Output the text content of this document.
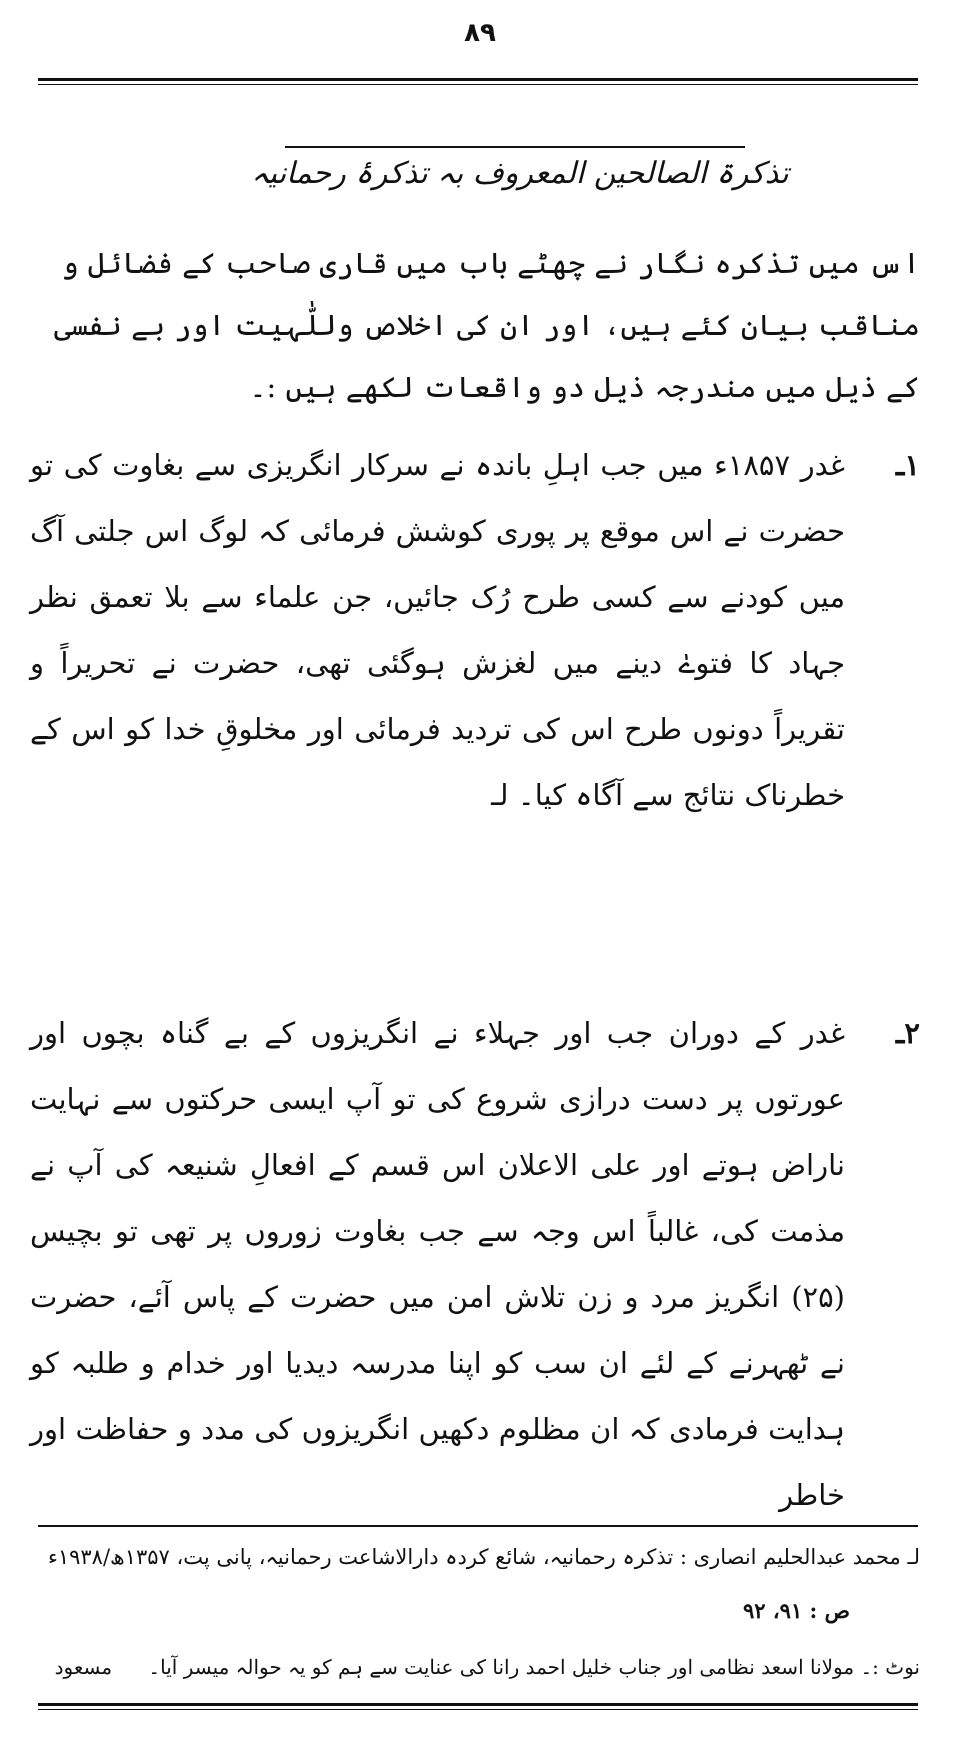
۸۹
تذکرۃ الصالحین المعروف بہ تذکرۂ رحمانیہ
اس میں تذکرہ نگار نے چھٹے باب میں قاری صاحب کے فضائل و مناقب بیان کئے ہیں، اور ان کی اخلاص وللّٰہیت اور بے نفسی کے ذیل میں مندرجہ ذیل دو واقعات لکھے ہیں :۔
۱ـ
غدر ۱۸۵۷ء میں جب اہلِ باندہ نے سرکار انگریزی سے بغاوت کی تو حضرت نے اس موقع پر پوری کوشش فرمائی کہ لوگ اس جلتی آگ میں کودنے سے کسی طرح رُک جائیں، جن علماء سے بلا تعمق نظر جہاد کا فتوےٰ دینے میں لغزش ہوگئی تھی، حضرت نے تحریراً و تقریراً دونوں طرح اس کی تردید فرمائی اور مخلوقِ خدا کو اس کے خطرناک نتائج سے آگاہ کیا۔ لـ
۲ـ
غدر کے دوران جب اور جہلاء نے انگریزوں کے بے گناہ بچوں اور عورتوں پر دست درازی شروع کی تو آپ ایسی حرکتوں سے نہایت ناراض ہوتے اور علی الاعلان اس قسم کے افعالِ شنیعہ کی آپ نے مذمت کی، غالباً اس وجہ سے جب بغاوت زوروں پر تھی تو بچیس (۲۵) انگریز مرد و زن تلاش امن میں حضرت کے پاس آئے، حضرت نے ٹھہرنے کے لئے ان سب کو اپنا مدرسہ دیدیا اور خدام و طلبہ کو ہدایت فرمادی کہ ان مظلوم دکھیں انگریزوں کی مدد و حفاظت اور خاطر
لـ محمد عبدالحلیم انصاری : تذکرہ رحمانیہ، شائع کردہ دارالاشاعت رحمانیہ، پانی پت، ۱۳۵۷ھ/۱۹۳۸ء
ص : ۹۱، ۹۲
نوٹ :۔ مولانا اسعد نظامی اور جناب خلیل احمد رانا کی عنایت سے ہم کو یہ حوالہ میسر آیا۔ مسعود
